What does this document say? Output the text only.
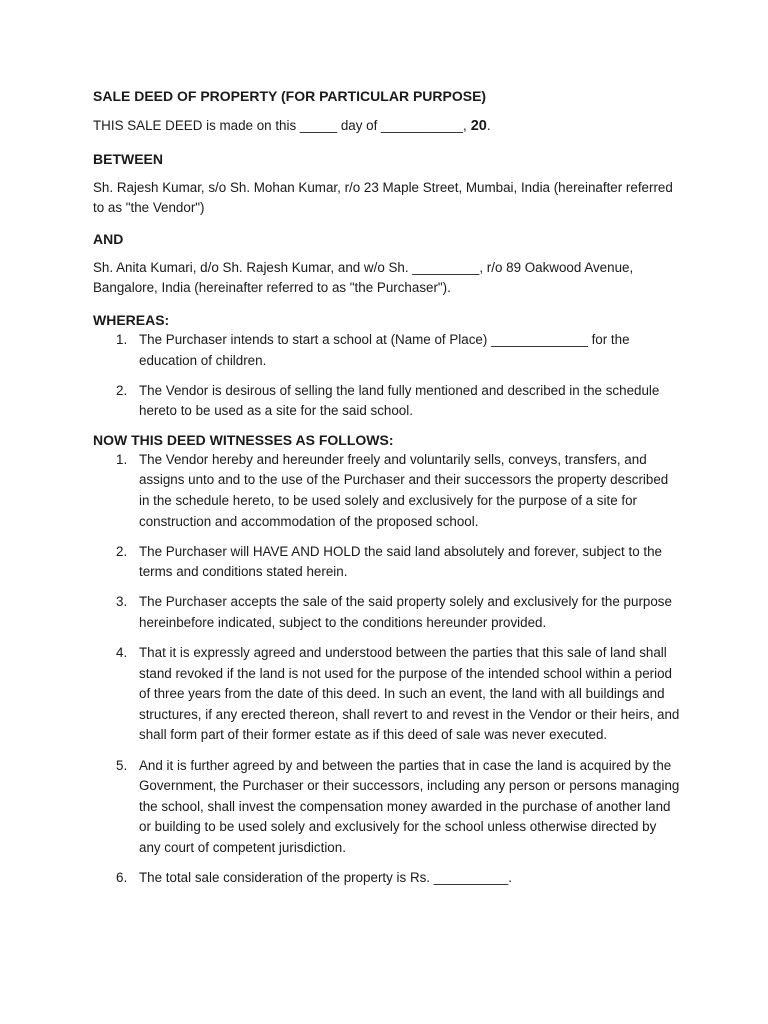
SALE DEED OF PROPERTY (FOR PARTICULAR PURPOSE)

THIS SALE DEED is made on this _____ day of ___________, 20.

BETWEEN

Sh. Rajesh Kumar, s/o Sh. Mohan Kumar, r/o 23 Maple Street, Mumbai, India (hereinafter referred to as "the Vendor")

AND

Sh. Anita Kumari, d/o Sh. Rajesh Kumar, and w/o Sh. _________, r/o 89 Oakwood Avenue, Bangalore, India (hereinafter referred to as "the Purchaser").

WHEREAS:

1. The Purchaser intends to start a school at (Name of Place) _____________ for the education of children.
2. The Vendor is desirous of selling the land fully mentioned and described in the schedule hereto to be used as a site for the said school.

NOW THIS DEED WITNESSES AS FOLLOWS:

1. The Vendor hereby and hereunder freely and voluntarily sells, conveys, transfers, and assigns unto and to the use of the Purchaser and their successors the property described in the schedule hereto, to be used solely and exclusively for the purpose of a site for construction and accommodation of the proposed school.
2. The Purchaser will HAVE AND HOLD the said land absolutely and forever, subject to the terms and conditions stated herein.
3. The Purchaser accepts the sale of the said property solely and exclusively for the purpose hereinbefore indicated, subject to the conditions hereunder provided.
4. That it is expressly agreed and understood between the parties that this sale of land shall stand revoked if the land is not used for the purpose of the intended school within a period of three years from the date of this deed. In such an event, the land with all buildings and structures, if any erected thereon, shall revert to and revest in the Vendor or their heirs, and shall form part of their former estate as if this deed of sale was never executed.
5. And it is further agreed by and between the parties that in case the land is acquired by the Government, the Purchaser or their successors, including any person or persons managing the school, shall invest the compensation money awarded in the purchase of another land or building to be used solely and exclusively for the school unless otherwise directed by any court of competent jurisdiction.
6. The total sale consideration of the property is Rs. __________.
